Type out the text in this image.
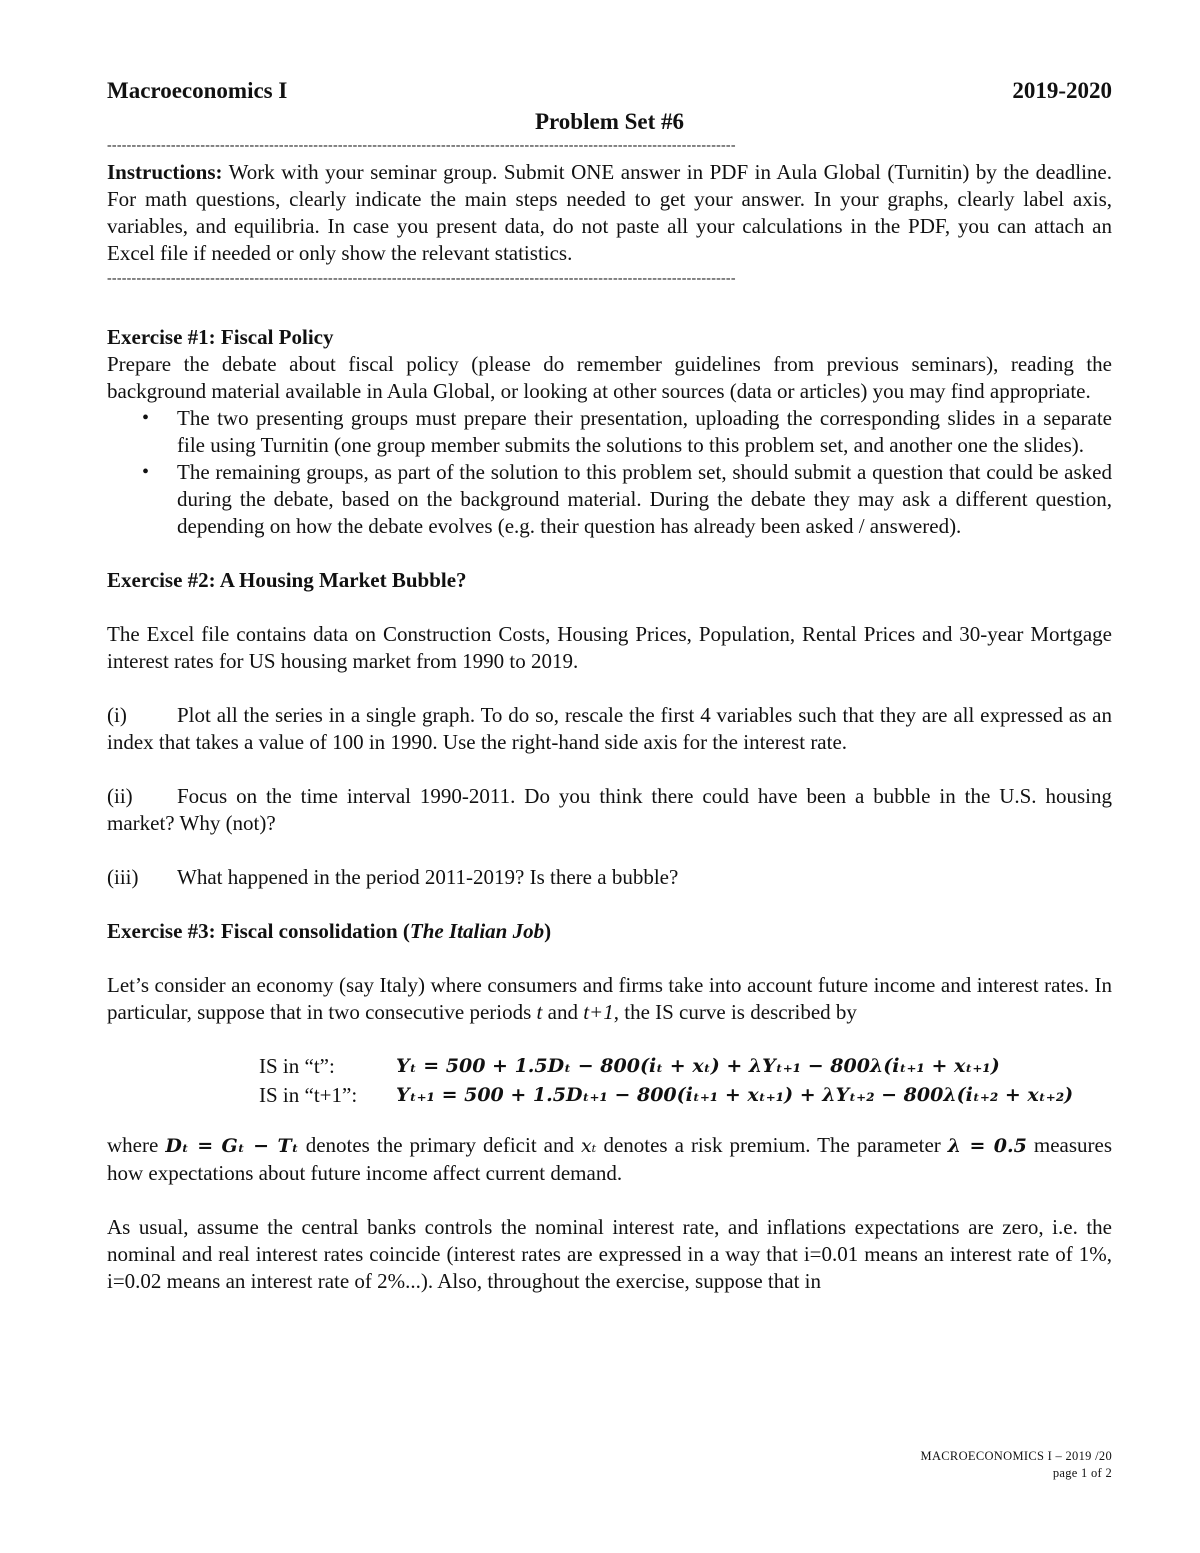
Macroeconomics I	2019-2020
Problem Set #6
--------------------------------------------------------------------------------------------------------------------------------

Instructions: Work with your seminar group. Submit ONE answer in PDF in Aula Global (Turnitin) by the deadline. For math questions, clearly indicate the main steps needed to get your answer. In your graphs, clearly label axis, variables, and equilibria. In case you present data, do not paste all your calculations in the PDF, you can attach an Excel file if needed or only show the relevant statistics.

--------------------------------------------------------------------------------------------------------------------------------
Exercise #1: Fiscal Policy

Prepare the debate about fiscal policy (please do remember guidelines from previous seminars), reading the background material available in Aula Global, or looking at other sources (data or articles) you may find appropriate.

• The two presenting groups must prepare their presentation, uploading the corresponding slides in a separate file using Turnitin (one group member submits the solutions to this problem set, and another one the slides).
• The remaining groups, as part of the solution to this problem set, should submit a question that could be asked during the debate, based on the background material. During the debate they may ask a different question, depending on how the debate evolves (e.g. their question has already been asked / answered).
Exercise #2: A Housing Market Bubble?

The Excel file contains data on Construction Costs, Housing Prices, Population, Rental Prices and 30-year Mortgage interest rates for US housing market from 1990 to 2019.

(i) Plot all the series in a single graph. To do so, rescale the first 4 variables such that they are all expressed as an index that takes a value of 100 in 1990. Use the right-hand side axis for the interest rate.

(ii) Focus on the time interval 1990-2011. Do you think there could have been a bubble in the U.S. housing market? Why (not)?

(iii) What happened in the period 2011-2019? Is there a bubble?

Exercise #3: Fiscal consolidation (The Italian Job)

Let’s consider an economy (say Italy) where consumers and firms take into account future income and interest rates. In particular, suppose that in two consecutive periods t and t+1, the IS curve is described by

IS in “t”:	Yₜ = 500 + 1.5Dₜ − 800(iₜ + xₜ) + λYₜ₊₁ − 800λ(iₜ₊₁ + xₜ₊₁)
IS in “t+1”:	Yₜ₊₁ = 500 + 1.5Dₜ₊₁ − 800(iₜ₊₁ + xₜ₊₁) + λYₜ₊₂ − 800λ(iₜ₊₂ + xₜ₊₂)

where Dₜ = Gₜ − Tₜ denotes the primary deficit and xₜ denotes a risk premium. The parameter λ = 0.5 measures how expectations about future income affect current demand.

As usual, assume the central banks controls the nominal interest rate, and inflations expectations are zero, i.e. the nominal and real interest rates coincide (interest rates are expressed in a way that i=0.01 means an interest rate of 1%, i=0.02 means an interest rate of 2%...). Also, throughout the exercise, suppose that in

MACROECONOMICS I – 2019 /20
page 1 of 2
